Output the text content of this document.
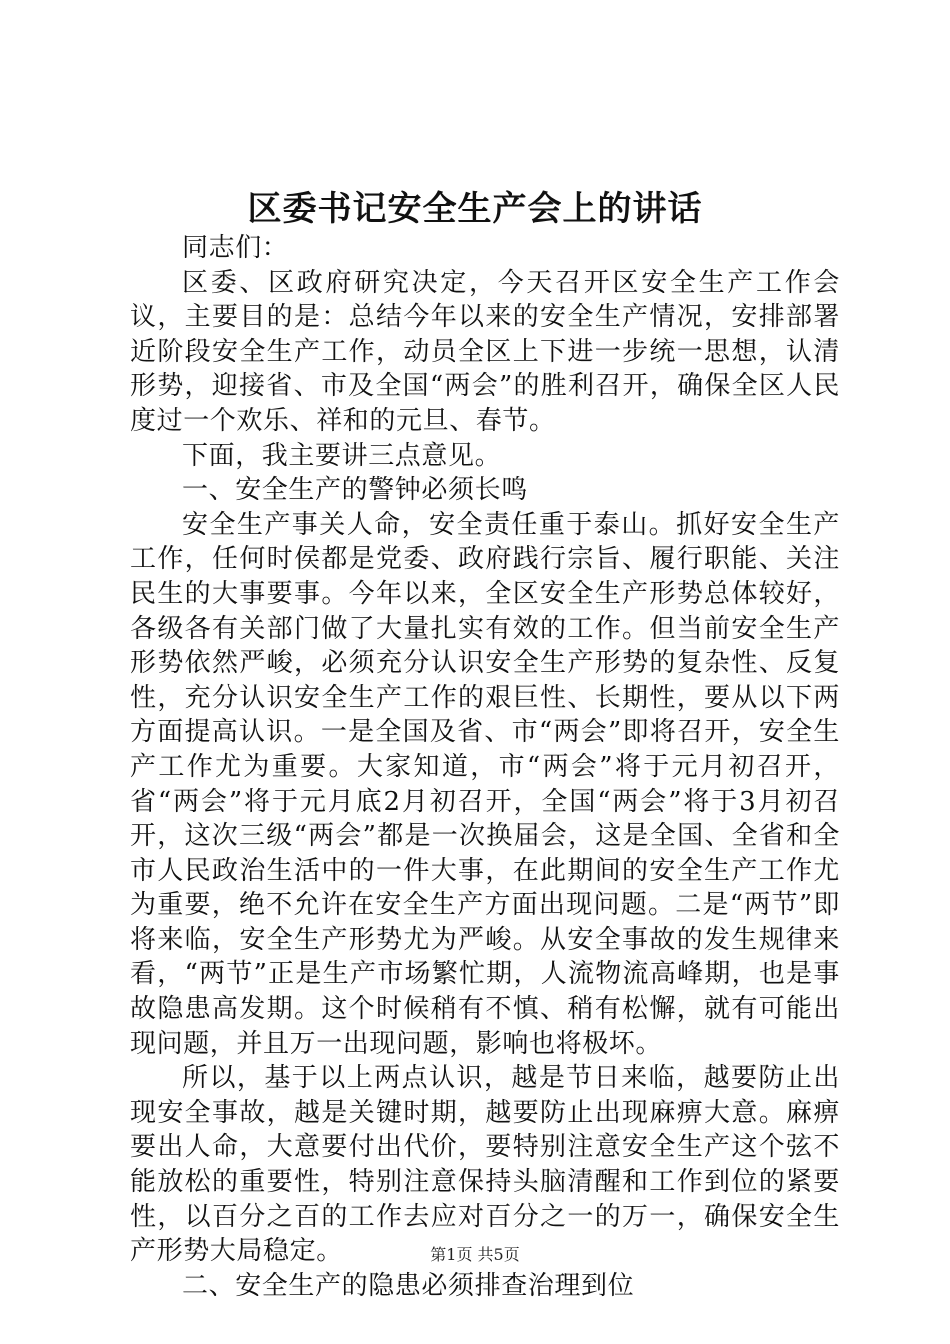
区委书记安全生产会上的讲话

同志们：

区委、区政府研究决定，今天召开区安全生产工作会议，主要目的是：总结今年以来的安全生产情况，安排部署近阶段安全生产工作，动员全区上下进一步统一思想，认清形势，迎接省、市及全国“两会”的胜利召开，确保全区人民度过一个欢乐、祥和的元旦、春节。

下面，我主要讲三点意见。

一、安全生产的警钟必须长鸣

安全生产事关人命，安全责任重于泰山。抓好安全生产工作，任何时侯都是党委、政府践行宗旨、履行职能、关注民生的大事要事。今年以来，全区安全生产形势总体较好，各级各有关部门做了大量扎实有效的工作。但当前安全生产形势依然严峻，必须充分认识安全生产形势的复杂性、反复性，充分认识安全生产工作的艰巨性、长期性，要从以下两方面提高认识。一是全国及省、市“两会”即将召开，安全生产工作尤为重要。大家知道，市“两会”将于元月初召开，省“两会”将于元月底2月初召开，全国“两会”将于3月初召开，这次三级“两会”都是一次换届会，这是全国、全省和全市人民政治生活中的一件大事，在此期间的安全生产工作尤为重要，绝不允许在安全生产方面出现问题。二是“两节”即将来临，安全生产形势尤为严峻。从安全事故的发生规律来看，“两节”正是生产市场繁忙期，人流物流高峰期，也是事故隐患高发期。这个时候稍有不慎、稍有松懈，就有可能出现问题，并且万一出现问题，影响也将极坏。

所以，基于以上两点认识，越是节日来临，越要防止出现安全事故，越是关键时期，越要防止出现麻痹大意。麻痹要出人命，大意要付出代价，要特别注意安全生产这个弦不能放松的重要性，特别注意保持头脑清醒和工作到位的紧要性，以百分之百的工作去应对百分之一的万一，确保安全生产形势大局稳定。

二、安全生产的隐患必须排查治理到位

第1页 共5页
